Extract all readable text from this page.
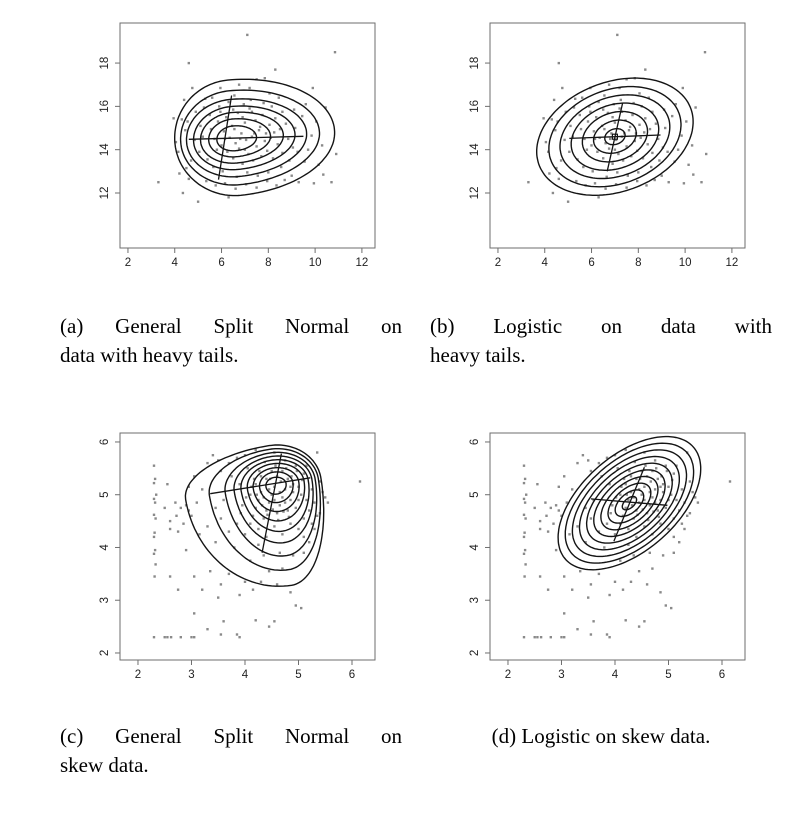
2	4	6	8	10	12
12
14
16
18
2	4	6	8	10	12
12
14
16
18
2	3	4	5	6
2
3
4
5
6
2	3	4	5	6
2
3
4
5
6
(a) General Split Normal on
data with heavy tails.
(b) Logistic on data with
heavy tails.
(c) General Split Normal on
skew data.
(d) Logistic on skew data.
